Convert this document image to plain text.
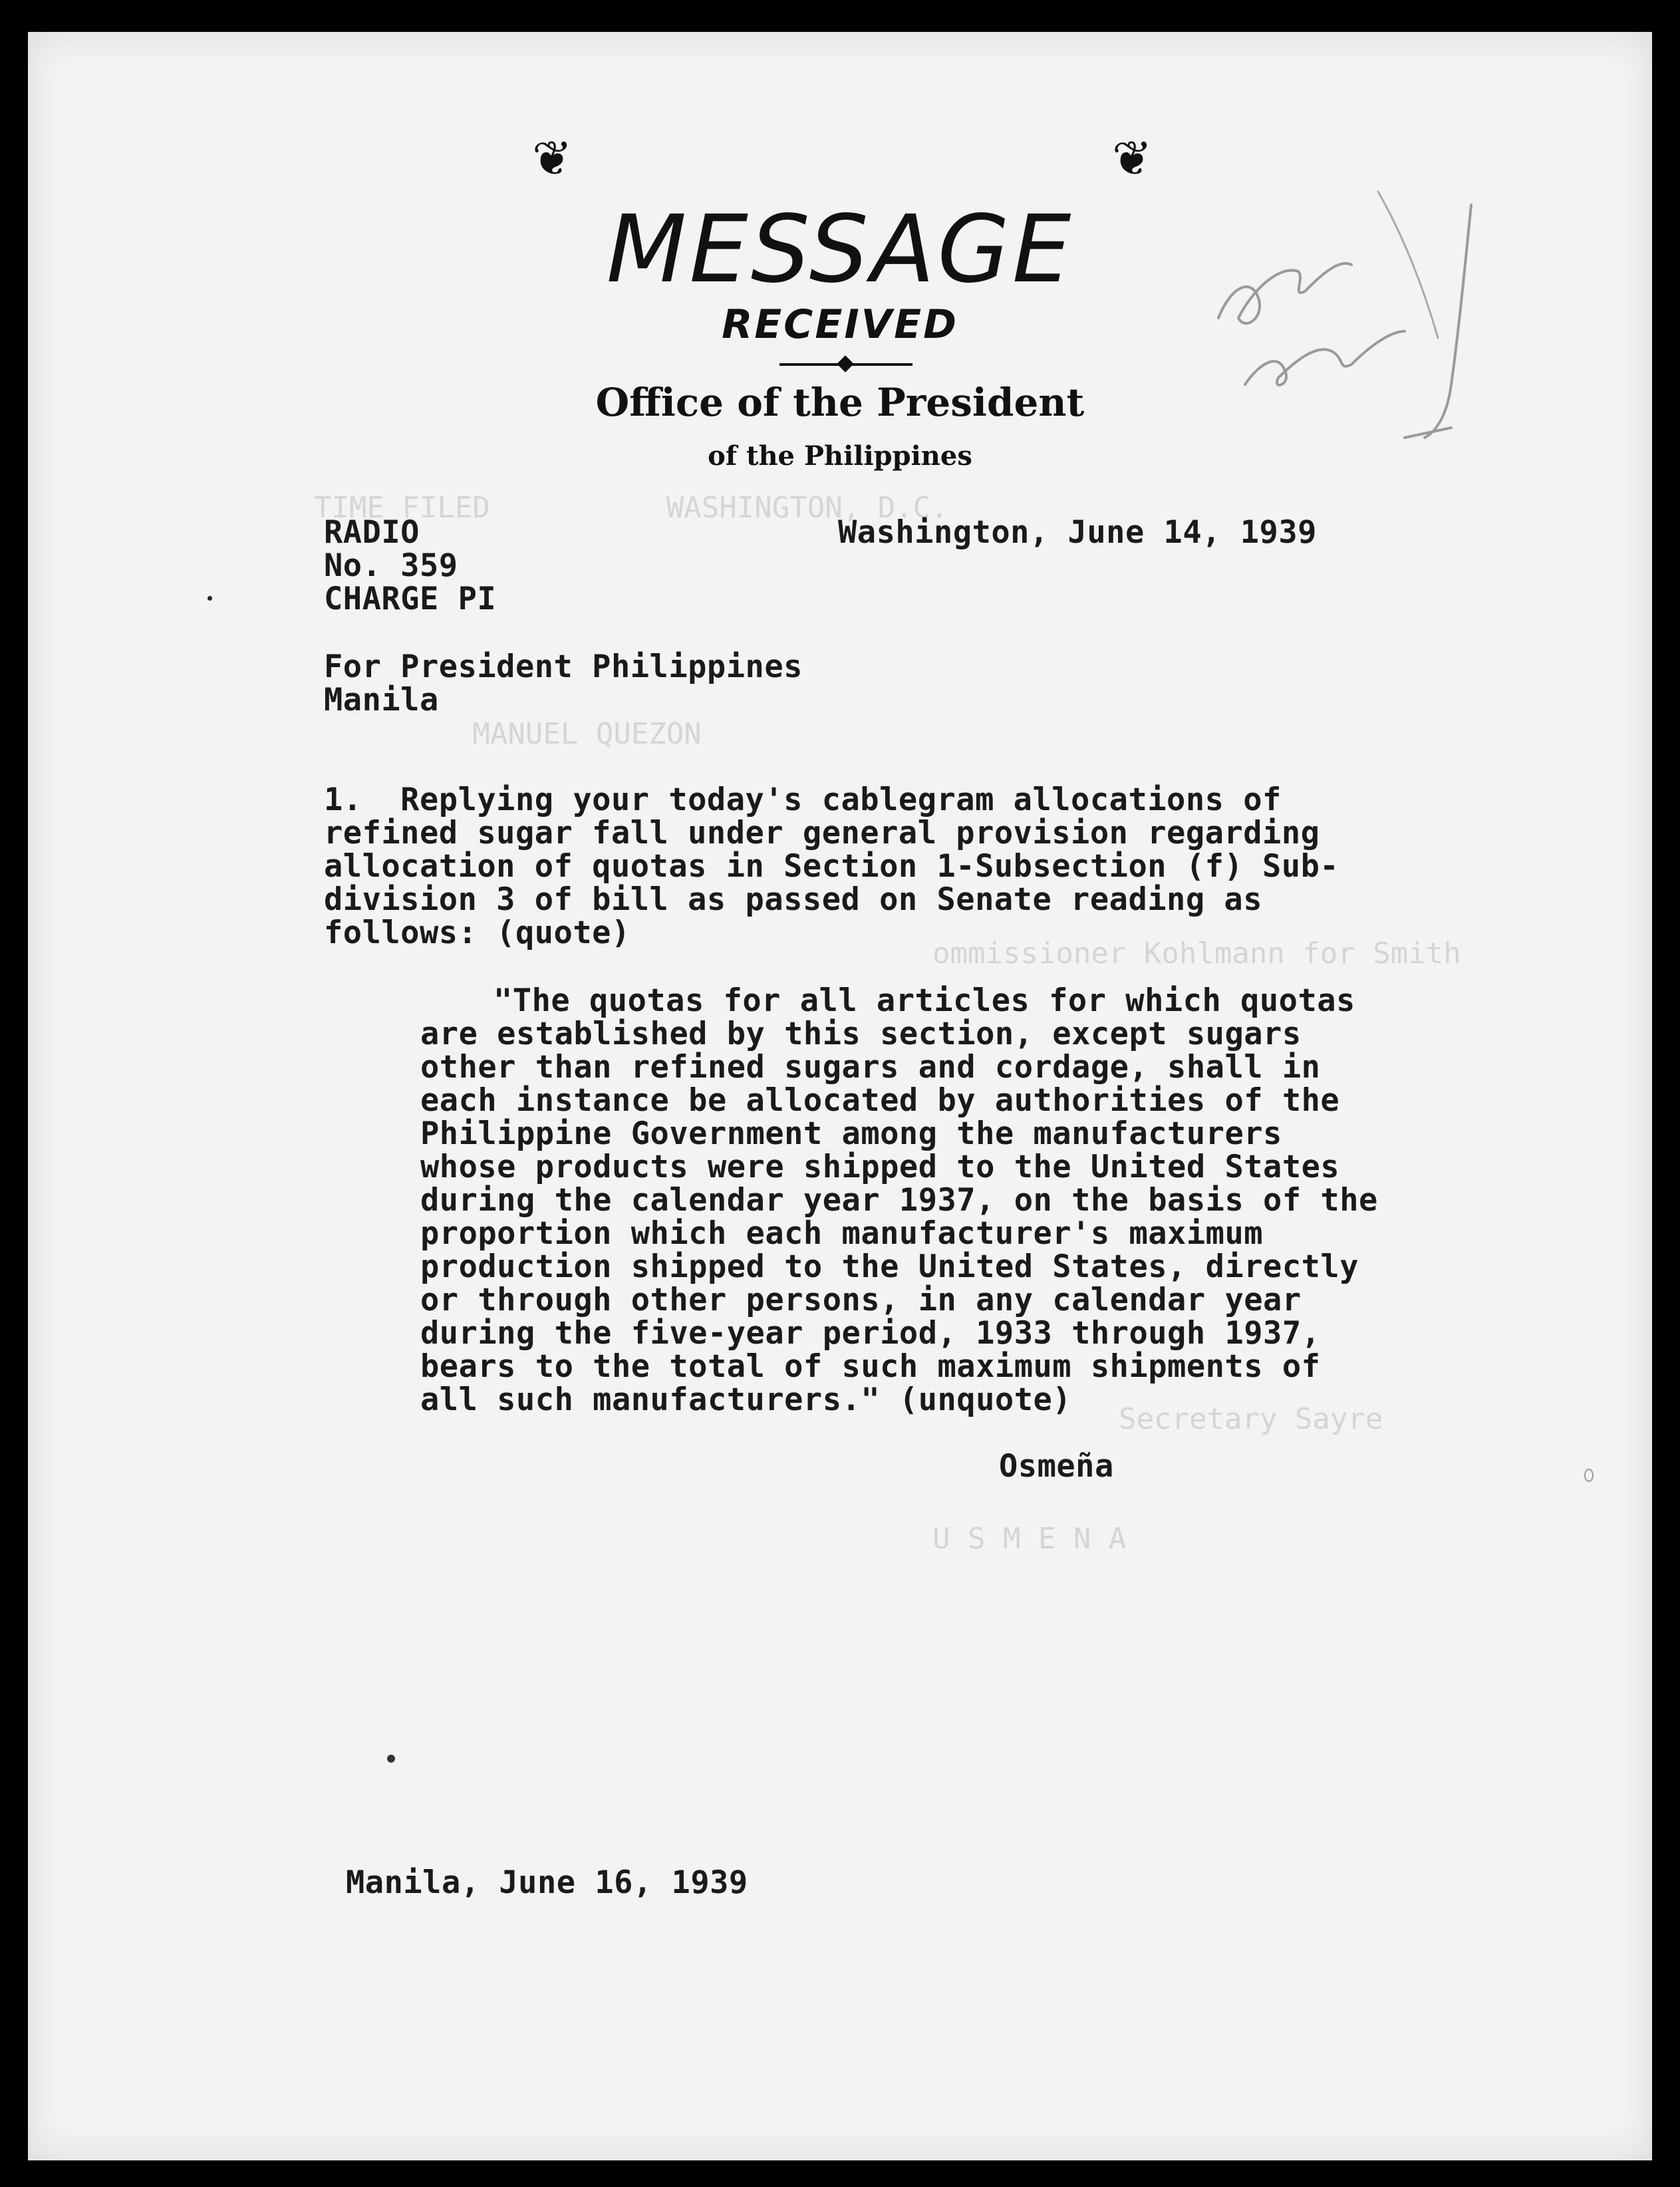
❦	❦
MESSAGE
RECEIVED
Office of the President
of the Philippines
TIME FILED          WASHINGTON, D.C.
MANUEL QUEZON
ommissioner Kohlmann for Smith
Secretary Sayre
U S M E N A
RADIO
No. 359
CHARGE PI
Washington, June 14, 1939
For President Philippines
Manila
1.  Replying your today's cablegram allocations of
refined sugar fall under general provision regarding
allocation of quotas in Section 1-Subsection (f) Sub-
division 3 of bill as passed on Senate reading as
follows: (quote)
"The quotas for all articles for which quotas
are established by this section, except sugars
other than refined sugars and cordage, shall in
each instance be allocated by authorities of the
Philippine Government among the manufacturers
whose products were shipped to the United States
during the calendar year 1937, on the basis of the
proportion which each manufacturer's maximum
production shipped to the United States, directly
or through other persons, in any calendar year
during the five-year period, 1933 through 1937,
bears to the total of such maximum shipments of
all such manufacturers." (unquote)
Osmeña
Manila, June 16, 1939
